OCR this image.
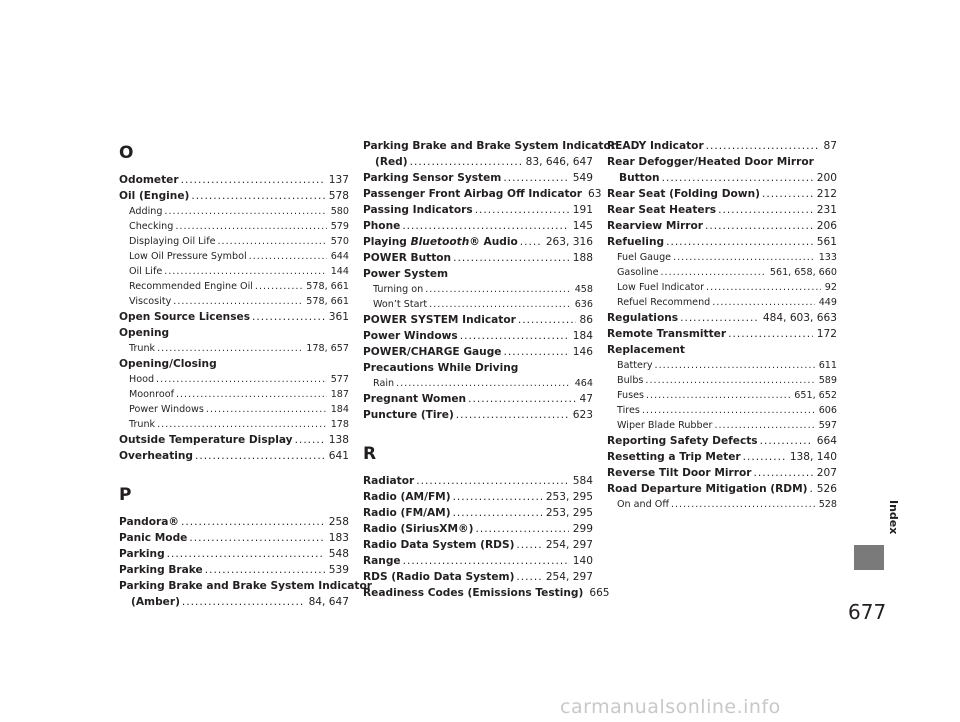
O
Odometer .....	137
Oil (Engine) .....	578
Adding .....	580
Checking .....	579
Displaying Oil Life .....	570
Low Oil Pressure Symbol .....	644
Oil Life .....	144
Recommended Engine Oil .....	578, 661
Viscosity .....	578, 661
Open Source Licenses .....	361
Opening
Trunk .....	178, 657
Opening/Closing
Hood .....	577
Moonroof .....	187
Power Windows .....	184
Trunk .....	178
Outside Temperature Display .....	138
Overheating .....	641
P
Pandora® .....	258
Panic Mode .....	183
Parking .....	548
Parking Brake .....	539
Parking Brake and Brake System Indicator
(Amber) .....	84, 647
Parking Brake and Brake System Indicator
(Red) .....	83, 646, 647
Parking Sensor System .....	549
Passenger Front Airbag Off Indicator 63
Passing Indicators .....	191
Phone .....	145
Playing Bluetooth® Audio .....	263, 316
POWER Button .....	188
Power System
Turning on .....	458
Won’t Start .....	636
POWER SYSTEM Indicator .....	86
Power Windows .....	184
POWER/CHARGE Gauge .....	146
Precautions While Driving
Rain .....	464
Pregnant Women .....	47
Puncture (Tire) .....	623
R
Radiator .....	584
Radio (AM/FM) .....	253, 295
Radio (FM/AM) .....	253, 295
Radio (SiriusXM®) .....	299
Radio Data System (RDS) .....	254, 297
Range .....	140
RDS (Radio Data System) .....	254, 297
Readiness Codes (Emissions Testing) 665
READY Indicator .....	87
Rear Defogger/Heated Door Mirror
Button .....	200
Rear Seat (Folding Down) .....	212
Rear Seat Heaters .....	231
Rearview Mirror .....	206
Refueling .....	561
Fuel Gauge .....	133
Gasoline .....	561, 658, 660
Low Fuel Indicator .....	92
Refuel Recommend .....	449
Regulations .....	484, 603, 663
Remote Transmitter .....	172
Replacement
Battery .....	611
Bulbs .....	589
Fuses .....	651, 652
Tires .....	606
Wiper Blade Rubber .....	597
Reporting Safety Defects .....	664
Resetting a Trip Meter .....	138, 140
Reverse Tilt Door Mirror .....	207
Road Departure Mitigation (RDM) ..... 526
On and Off .....	528	Index
677
carmanualsonline.info
